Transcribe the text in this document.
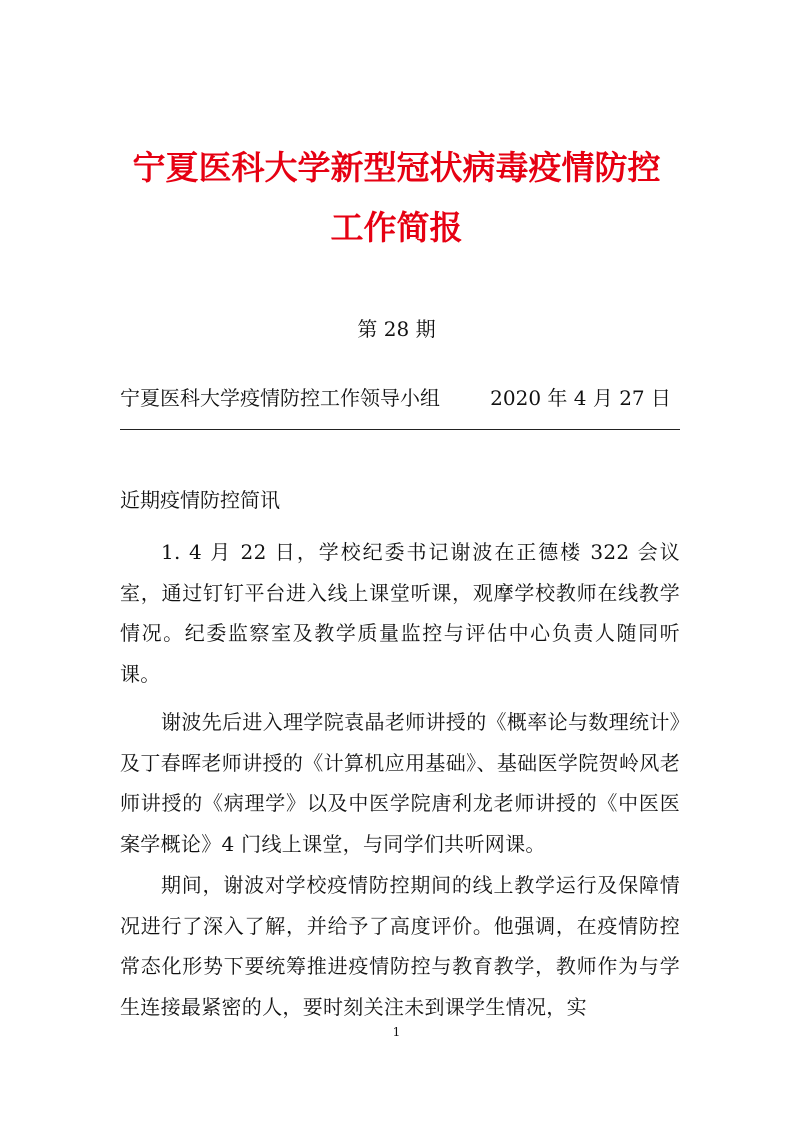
宁夏医科大学新型冠状病毒疫情防控
工作简报
第 28 期
宁夏医科大学疫情防控工作领导小组	2020 年 4 月 27 日
近期疫情防控简讯

1. 4 月 22 日，学校纪委书记谢波在正德楼 322 会议室，通过钉钉平台进入线上课堂听课，观摩学校教师在线教学情况。纪委监察室及教学质量监控与评估中心负责人随同听课。

谢波先后进入理学院袁晶老师讲授的《概率论与数理统计》及丁春晖老师讲授的《计算机应用基础》、基础医学院贺岭风老师讲授的《病理学》以及中医学院唐利龙老师讲授的《中医医案学概论》4 门线上课堂，与同学们共听网课。

期间，谢波对学校疫情防控期间的线上教学运行及保障情况进行了深入了解，并给予了高度评价。他强调，在疫情防控常态化形势下要统筹推进疫情防控与教育教学，教师作为与学生连接最紧密的人，要时刻关注未到课学生情况，实

1
